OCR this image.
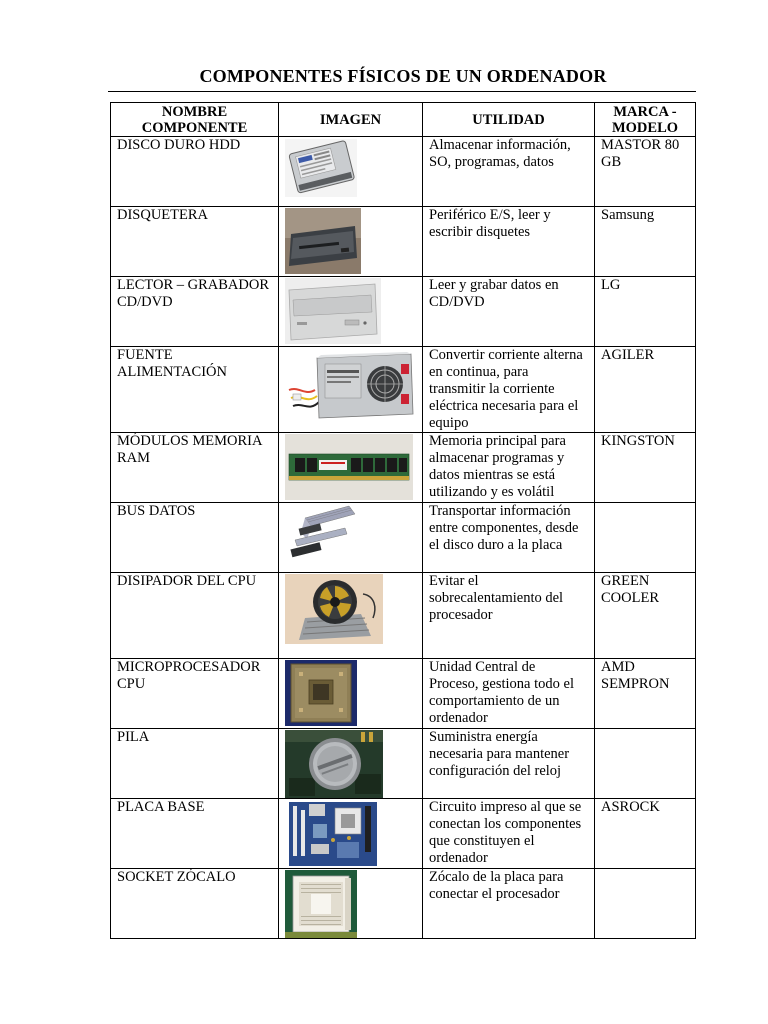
COMPONENTES FÍSICOS DE UN ORDENADOR
NOMBRE COMPONENTE	IMAGEN	UTILIDAD	MARCA - MODELO
DISCO DURO HDD		Almacenar información, SO, programas, datos	MASTOR 80 GB
DISQUETERA		Periférico E/S, leer y escribir disquetes	Samsung
LECTOR – GRABADOR CD/DVD		Leer y grabar datos en CD/DVD	LG
FUENTE ALIMENTACIÓN		Convertir corriente alterna en continua, para transmitir la corriente eléctrica necesaria para el equipo	AGILER
MÓDULOS MEMORIA RAM		Memoria principal para almacenar programas y datos mientras se está utilizando y es volátil	KINGSTON
BUS DATOS		Transportar información entre componentes, desde el disco duro a la placa	
DISIPADOR DEL CPU		Evitar el sobrecalentamiento del procesador	GREEN COOLER
MICROPROCESADOR CPU		Unidad Central de Proceso, gestiona todo el comportamiento de un ordenador	AMD SEMPRON
PILA		Suministra energía necesaria para mantener configuración del reloj	
PLACA BASE		Circuito impreso al que se conectan los componentes que constituyen el ordenador	ASROCK
SOCKET ZÓCALO		Zócalo de la placa para conectar el procesador	
